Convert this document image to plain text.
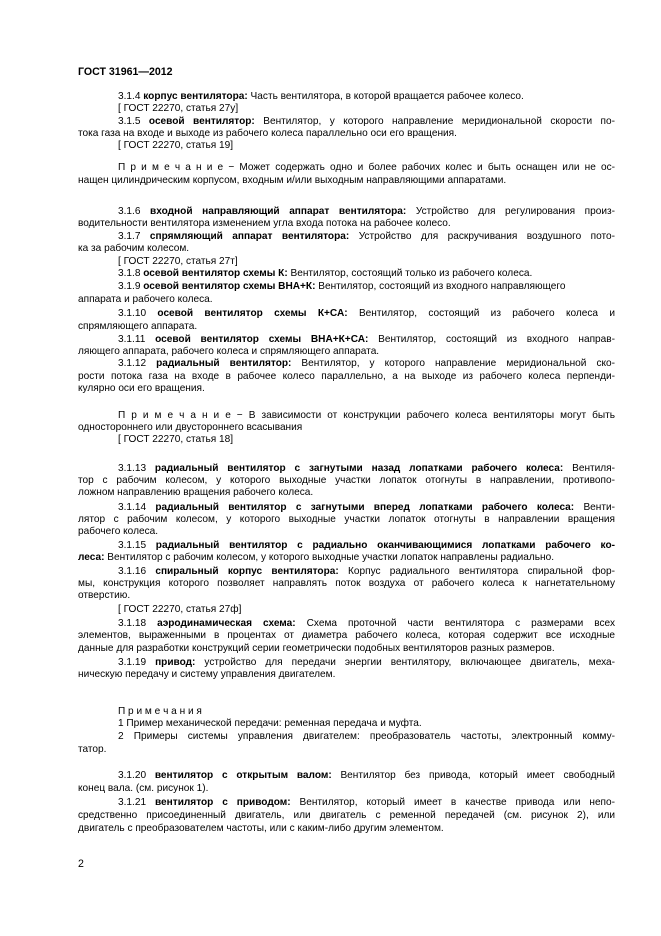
ГОСТ 31961—2012
3.1.4 корпус вентилятора: Часть вентилятора, в которой вращается рабочее колесо.
[ ГОСТ 22270, статья 27у]
3.1.5 осевой вентилятор: Вентилятор, у которого направление меридиональной скорости по-
тока газа на входе и выходе из рабочего колеса параллельно оси его вращения.
[ ГОСТ 22270, статья 19]
П р и м е ч а н и е − Может содержать одно и более рабочих колес и быть оснащен или не ос-
нащен цилиндрическим корпусом, входным и/или выходным направляющими аппаратами.
3.1.6 входной направляющий аппарат вентилятора: Устройство для регулирования произ-
водительности вентилятора изменением угла входа потока на рабочее колесо.
3.1.7 спрямляющий аппарат вентилятора: Устройство для раскручивания воздушного пото-
ка за рабочим колесом.
[ ГОСТ 22270, статья 27т]
3.1.8 осевой вентилятор схемы К: Вентилятор, состоящий только из рабочего колеса.
3.1.9 осевой вентилятор схемы ВНА+К: Вентилятор, состоящий из входного направляющего
аппарата и рабочего колеса.
3.1.10 осевой вентилятор схемы К+СА: Вентилятор, состоящий из рабочего колеса и
спрямляющего аппарата.
3.1.11 осевой вентилятор схемы ВНА+К+СА: Вентилятор, состоящий из входного направ-
ляющего аппарата, рабочего колеса и спрямляющего аппарата.
3.1.12 радиальный вентилятор: Вентилятор, у которого направление меридиональной ско-
рости потока газа на входе в рабочее колесо параллельно, а на выходе из рабочего колеса перпенди-
кулярно оси его вращения.
П р и м е ч а н и е − В зависимости от конструкции рабочего колеса вентиляторы могут быть
одностороннего или двустороннего всасывания
[ ГОСТ 22270, статья 18]
3.1.13 радиальный вентилятор с загнутыми назад лопатками рабочего колеса: Вентиля-
тор с рабочим колесом, у которого выходные участки лопаток отогнуты в направлении, противопо-
ложном направлению вращения рабочего колеса.
3.1.14 радиальный вентилятор с загнутыми вперед лопатками рабочего колеса: Венти-
лятор с рабочим колесом, у которого выходные участки лопаток отогнуты в направлении вращения
рабочего колеса.
3.1.15 радиальный вентилятор с радиально оканчивающимися лопатками рабочего ко-
леса: Вентилятор с рабочим колесом, у которого выходные участки лопаток направлены радиально.
3.1.16 спиральный корпус вентилятора: Корпус радиального вентилятора спиральной фор-
мы, конструкция которого позволяет направлять поток воздуха от рабочего колеса к нагнетательному
отверстию.
[ ГОСТ 22270, статья 27ф]
3.1.18 аэродинамическая схема: Схема проточной части вентилятора с размерами всех
элементов, выраженными в процентах от диаметра рабочего колеса, которая содержит все исходные
данные для разработки конструкций серии геометрически подобных вентиляторов разных размеров.
3.1.19 привод: устройство для передачи энергии вентилятору, включающее двигатель, меха-
ническую передачу и систему управления двигателем.
П р и м е ч а н и я
1 Пример механической передачи: ременная передача и муфта.
2 Примеры системы управления двигателем: преобразователь частоты, электронный комму-
татор.
3.1.20 вентилятор с открытым валом: Вентилятор без привода, который имеет свободный
конец вала. (см. рисунок 1).
3.1.21 вентилятор с приводом: Вентилятор, который имеет в качестве привода или непо-
средственно присоединенный двигатель, или двигатель с ременной передачей (см. рисунок 2), или
двигатель с преобразователем частоты, или с каким-либо другим элементом.
2
